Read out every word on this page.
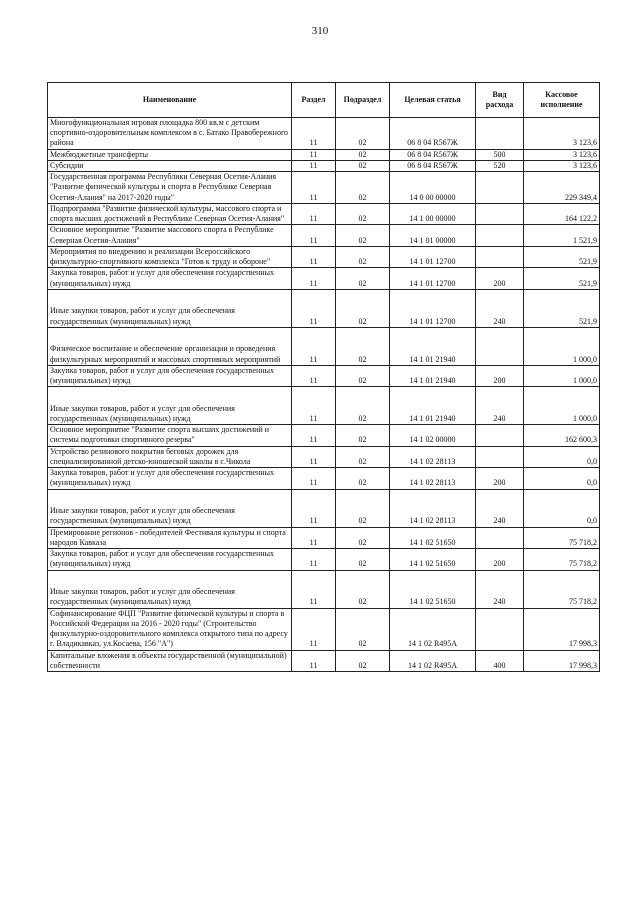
310
Наименование	Раздел	Подраздел	Целевая статья	Вид расхода	Кассовое исполнение
Многофункциональная игровая площадка 800 кв.м с детским спортивно-оздоровительным комплексом в с. Батако Правобережного района	11	02	06 8 04 R567Ж		3 123,6
Межбюджетные трансферты	11	02	06 8 04 R567Ж	500	3 123,6
Субсидии	11	02	06 8 04 R567Ж	520	3 123,6
Государственная программа Республики Северная Осетия-Алания "Развитие физической культуры и спорта в Республике Северная Осетия-Алания" на 2017-2020 годы"	11	02	14 0 00 00000		229 349,4
Подпрограмма "Развитие физической культуры, массового спорта и спорта высших достижений в Республике Северная Осетия-Алания"	11	02	14 1 00 00000		164 122,2
Основное мероприятие "Развитие массового спорта в Республике Северная Осетия-Алания"	11	02	14 1 01 00000		1 521,9
Мероприятия по внедрению и реализации Всероссийского физкультурно-спортивного комплекса "Готов к труду и обороне"	11	02	14 1 01 12700		521,9
Закупка товаров, работ и услуг для обеспечения государственных (муниципальных) нужд	11	02	14 1 01 12700	200	521,9
Иные закупки товаров, работ и услуг для обеспечения государственных (муниципальных) нужд	11	02	14 1 01 12700	240	521,9
Физическое воспитание и обеспечение организации и проведения физкультурных мероприятий и массовых спортивных мероприятий	11	02	14 1 01 21940		1 000,0
Закупка товаров, работ и услуг для обеспечения государственных (муниципальных) нужд	11	02	14 1 01 21940	200	1 000,0
Иные закупки товаров, работ и услуг для обеспечения государственных (муниципальных) нужд	11	02	14 1 01 21940	240	1 000,0
Основное мероприятие "Развитие спорта высших достижений и системы подготовки спортивного резерва"	11	02	14 1 02 00000		162 600,3
Устройство резинового покрытия беговых дорожек для специализированной детско-юношеской школы в с.Чикола	11	02	14 1 02 28113		0,0
Закупка товаров, работ и услуг для обеспечения государственных (муниципальных) нужд	11	02	14 1 02 28113	200	0,0
Иные закупки товаров, работ и услуг для обеспечения государственных (муниципальных) нужд	11	02	14 1 02 28113	240	0,0
Премирование регионов - победителей Фестиваля культуры и спорта народов Кавказа	11	02	14 1 02 51650		75 718,2
Закупка товаров, работ и услуг для обеспечения государственных (муниципальных) нужд	11	02	14 1 02 51650	200	75 718,2
Иные закупки товаров, работ и услуг для обеспечения государственных (муниципальных) нужд	11	02	14 1 02 51650	240	75 718,2
Софинансирование ФЦП "Развитие физической культуры и спорта в Российской Федерации на 2016 - 2020 годы" (Строительство физкультурно-оздоровительного комплекса открытого типа по адресу г. Владикавказ, ул.Косаева, 156 "А")	11	02	14 1 02 R495A		17 998,3
Капитальные вложения в объекты государственной (муниципальной) собственности	11	02	14 1 02 R495A	400	17 998,3
